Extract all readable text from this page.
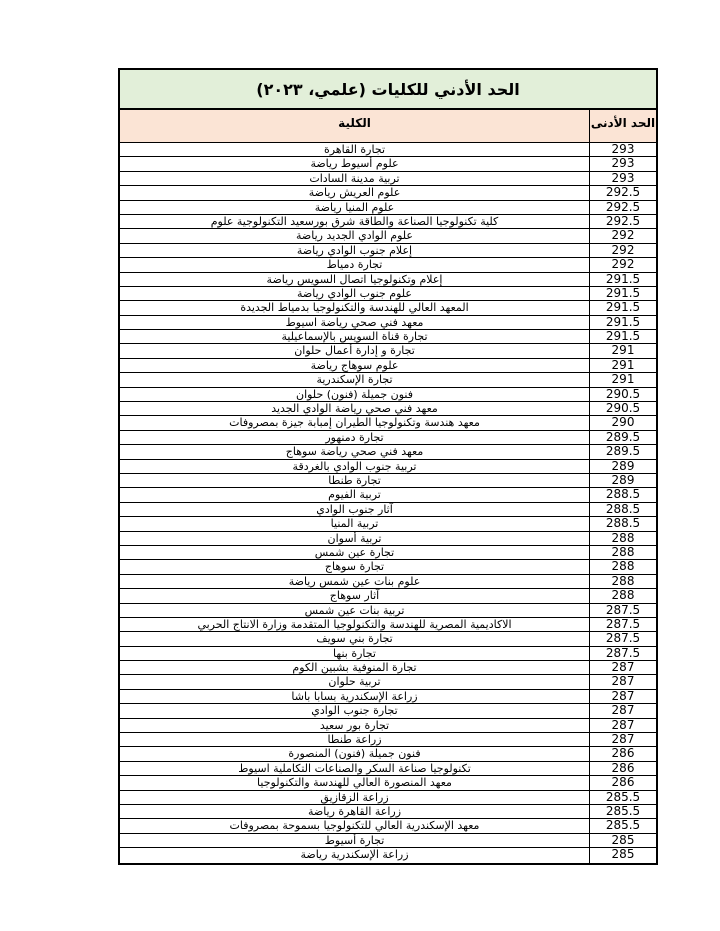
الحد الأدني للكليات (علمي، ٢٠٢٣)
الكلية	الحد الأدنى
تجارة القاهرة	293
علوم أسيوط رياضة	293
تربية مدينة السادات	293
علوم العريش رياضة	292.5
علوم المنيا رياضة	292.5
كلية تكنولوجيا الصناعة والطاقة شرق بورسعيد التكنولوجية علوم	292.5
علوم الوادي الجديد رياضة	292
إعلام جنوب الوادي رياضة	292
تجارة دمياط	292
إعلام وتكنولوجيا اتصال السويس رياضة	291.5
علوم جنوب الوادي رياضة	291.5
المعهد العالي للهندسة والتكنولوجيا بدمياط الجديدة	291.5
معهد فني صحي رياضة اسيوط	291.5
تجارة قناة السويس بالإسماعيلية	291.5
تجارة و إدارة أعمال حلوان	291
علوم سوهاج رياضة	291
تجارة الإسكندرية	291
فنون جميلة (فنون) حلوان	290.5
معهد فني صحي رياضة الوادي الجديد	290.5
معهد هندسة وتكنولوجيا الطيران إمبابة جيزة بمصروفات	290
تجارة دمنهور	289.5
معهد فني صحي رياضة سوهاج	289.5
تربية جنوب الوادي بالغردقة	289
تجارة طنطا	289
تربية الفيوم	288.5
آثار جنوب الوادي	288.5
تربية المنيا	288.5
تربية أسوان	288
تجارة عين شمس	288
تجارة سوهاج	288
علوم بنات عين شمس رياضة	288
آثار سوهاج	288
تربية بنات عين شمس	287.5
الاكاديمية المصرية للهندسة والتكنولوجيا المتقدمة وزارة الانتاج الحربي	287.5
تجارة بني سويف	287.5
تجارة بنها	287.5
تجارة المنوفية بشبين الكوم	287
تربية حلوان	287
زراعة الإسكندرية بسابا باشا	287
تجارة جنوب الوادي	287
تجارة بور سعيد	287
زراعة طنطا	287
فنون جميلة (فنون) المنصورة	286
تكنولوجيا صناعة السكر والصناعات التكاملية اسيوط	286
معهد المنصورة العالي للهندسة والتكنولوجيا	286
زراعة الزقازيق	285.5
زراعة القاهرة رياضة	285.5
معهد الإسكندرية العالي للتكنولوجيا بسموحة بمصروفات	285.5
تجارة أسيوط	285
زراعة الإسكندرية رياضة	285
